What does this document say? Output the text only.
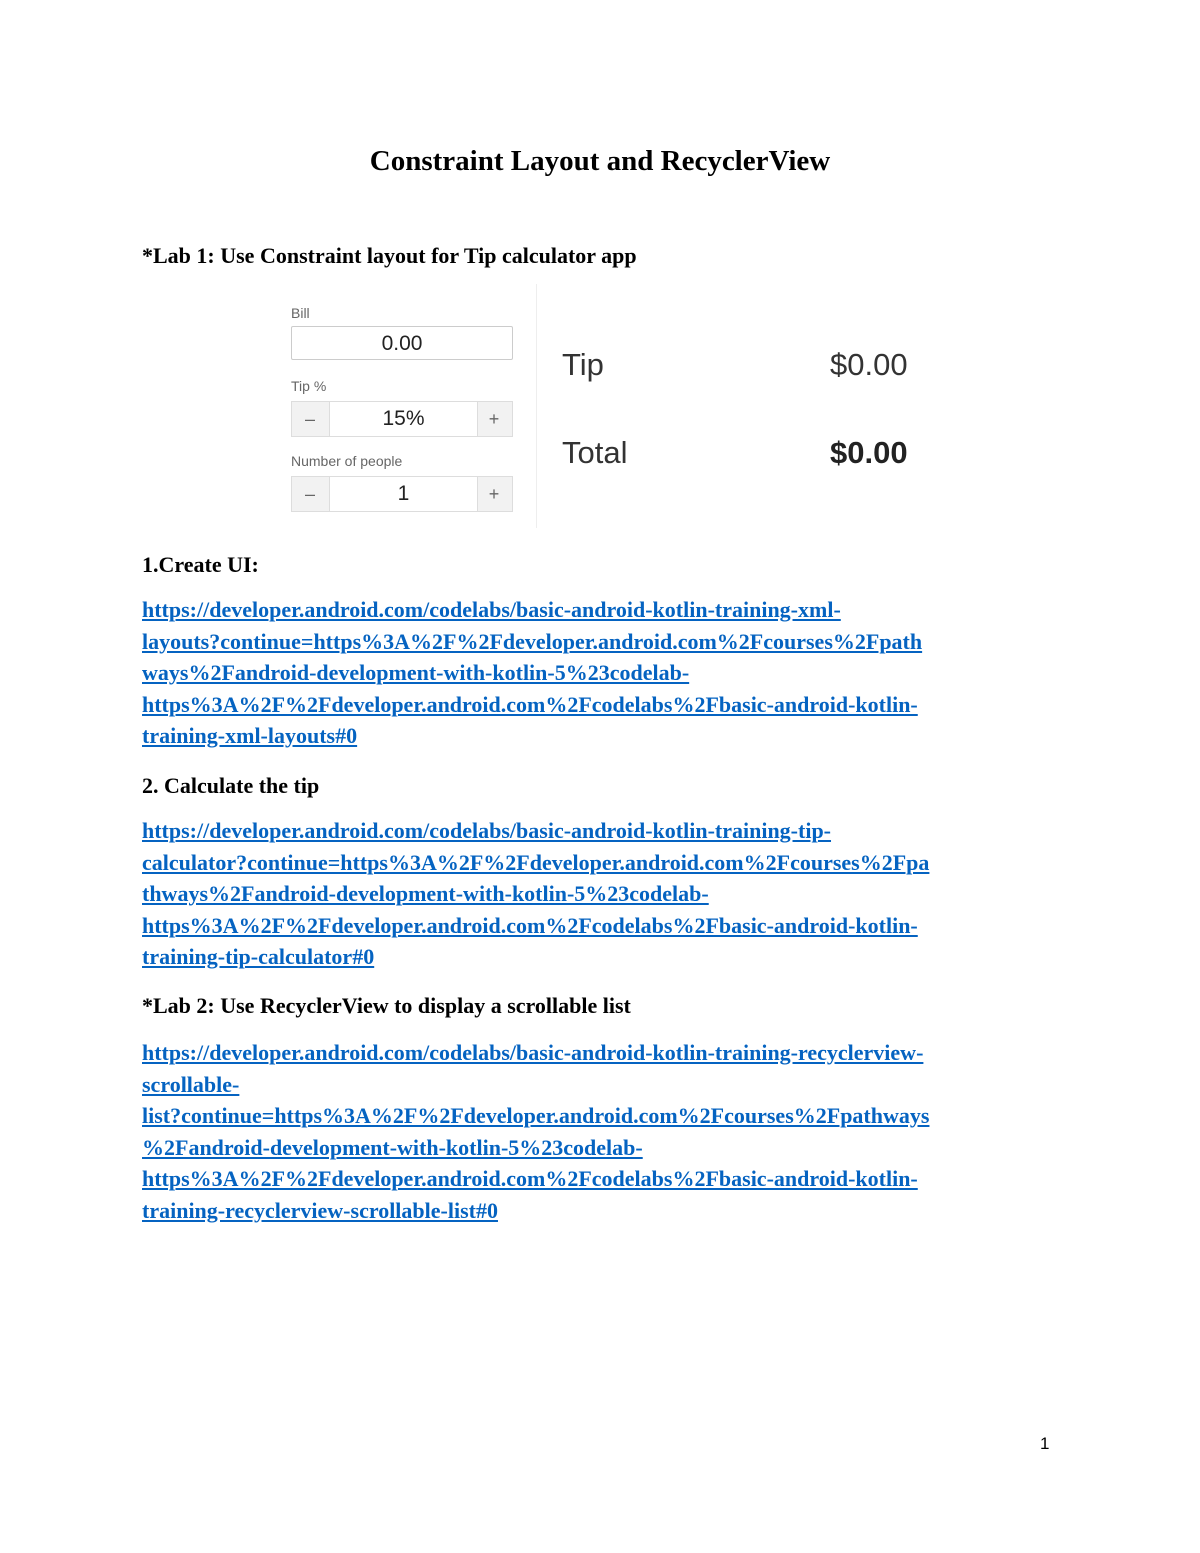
Constraint Layout and RecyclerView

*Lab 1: Use Constraint layout for Tip calculator app

Bill
0.00
Tip %
–	15%	+
Number of people
–	1	+
Tip	$0.00
Total	$0.00

1.Create UI:

https://developer.android.com/codelabs/basic-android-kotlin-training-xml-
layouts?continue=https%3A%2F%2Fdeveloper.android.com%2Fcourses%2Fpath
ways%2Fandroid-development-with-kotlin-5%23codelab-
https%3A%2F%2Fdeveloper.android.com%2Fcodelabs%2Fbasic-android-kotlin-
training-xml-layouts#0

2. Calculate the tip

https://developer.android.com/codelabs/basic-android-kotlin-training-tip-
calculator?continue=https%3A%2F%2Fdeveloper.android.com%2Fcourses%2Fpa
thways%2Fandroid-development-with-kotlin-5%23codelab-
https%3A%2F%2Fdeveloper.android.com%2Fcodelabs%2Fbasic-android-kotlin-
training-tip-calculator#0

*Lab 2: Use RecyclerView to display a scrollable list

https://developer.android.com/codelabs/basic-android-kotlin-training-recyclerview-
scrollable-
list?continue=https%3A%2F%2Fdeveloper.android.com%2Fcourses%2Fpathways
%2Fandroid-development-with-kotlin-5%23codelab-
https%3A%2F%2Fdeveloper.android.com%2Fcodelabs%2Fbasic-android-kotlin-
training-recyclerview-scrollable-list#0
1
